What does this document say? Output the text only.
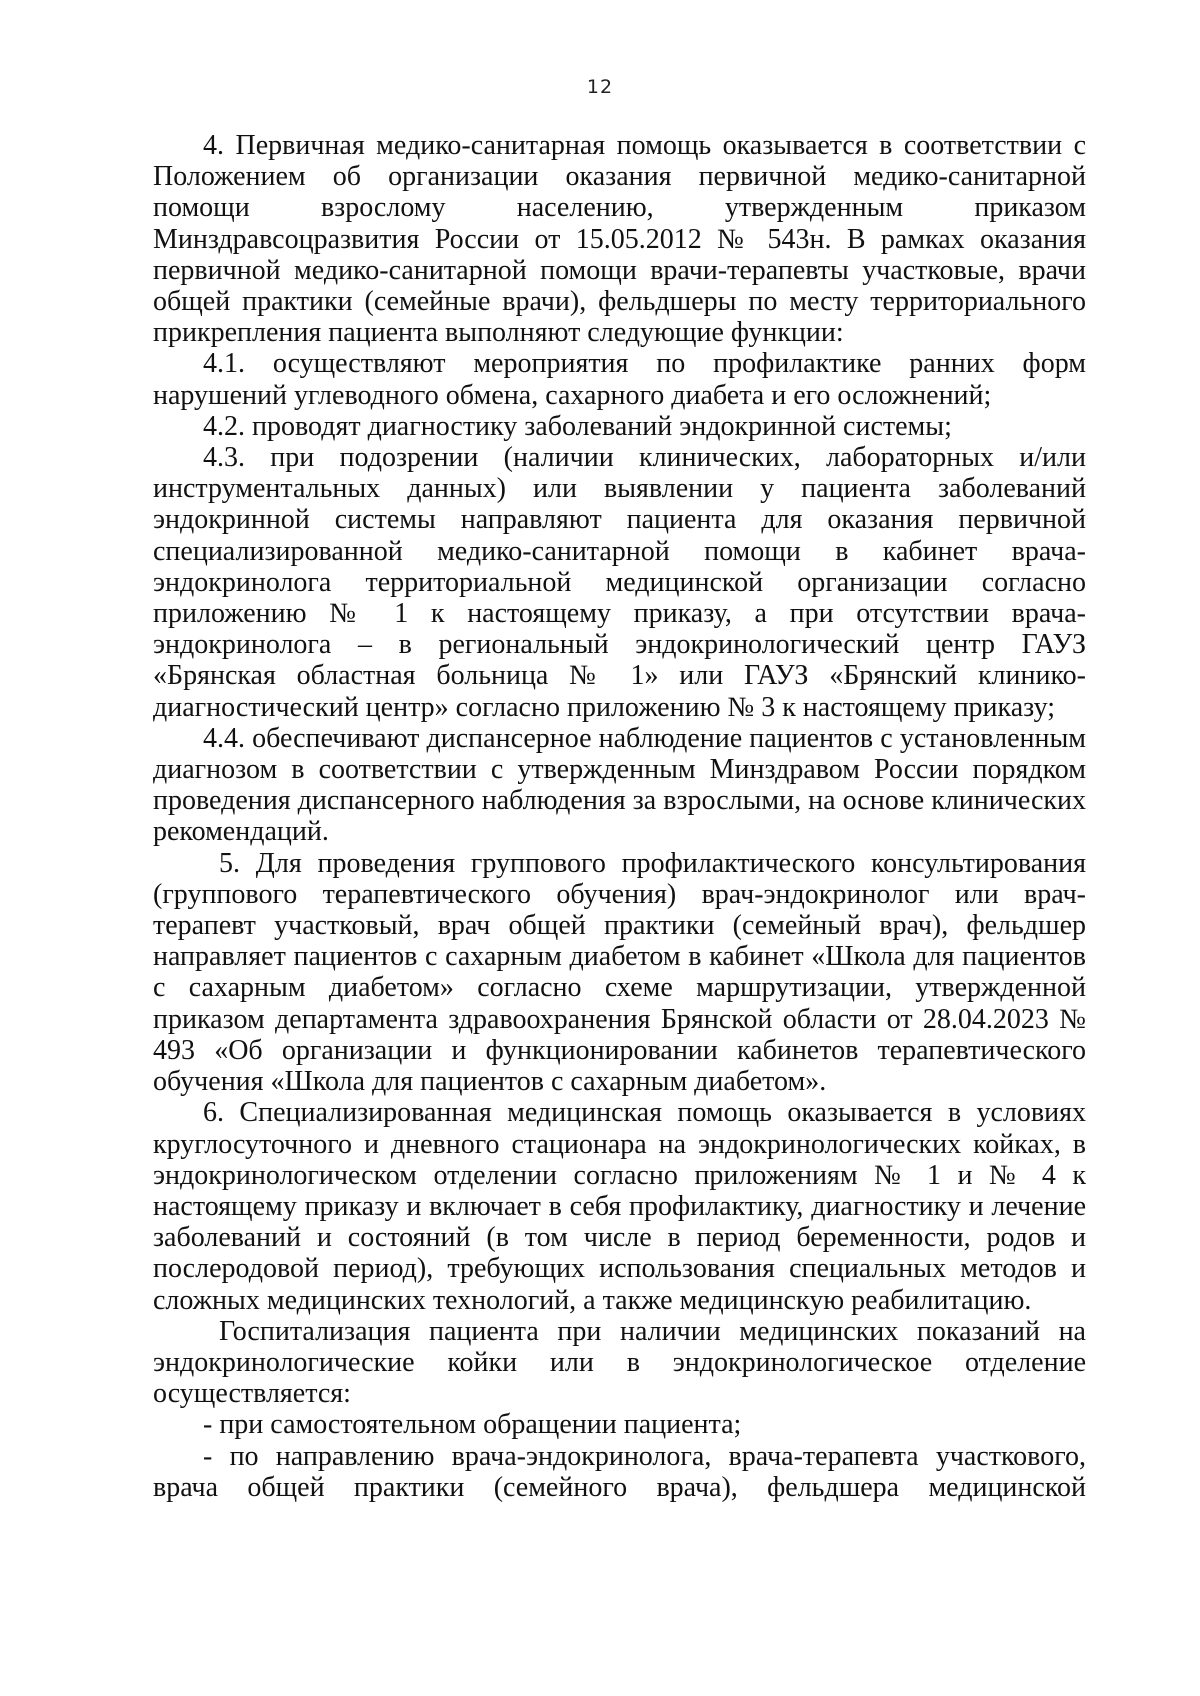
12

4. Первичная медико-санитарная помощь оказывается в соответствии с Положением об организации оказания первичной медико-санитарной помощи взрослому населению, утвержденным приказом Минздравсоцразвития России от 15.05.2012 № 543н. В рамках оказания первичной медико-санитарной помощи врачи-терапевты участковые, врачи общей практики (семейные врачи), фельдшеры по месту территориального прикрепления пациента выполняют следующие функции:

4.1. осуществляют мероприятия по профилактике ранних форм нарушений углеводного обмена, сахарного диабета и его осложнений;

4.2. проводят диагностику заболеваний эндокринной системы;

4.3. при подозрении (наличии клинических, лабораторных и/или инструментальных данных) или выявлении у пациента заболеваний эндокринной системы направляют пациента для оказания первичной специализированной медико-санитарной помощи в кабинет врача-эндокринолога территориальной медицинской организации согласно приложению № 1 к настоящему приказу, а при отсутствии врача-эндокринолога – в региональный эндокринологический центр ГАУЗ «Брянская областная больница № 1» или ГАУЗ «Брянский клинико-диагностический центр» согласно приложению № 3 к настоящему приказу;

4.4. обеспечивают диспансерное наблюдение пациентов с установленным диагнозом в соответствии с утвержденным Минздравом России порядком проведения диспансерного наблюдения за взрослыми, на основе клинических рекомендаций.

5. Для проведения группового профилактического консультирования (группового терапевтического обучения) врач-эндокринолог или врач-терапевт участковый, врач общей практики (семейный врач), фельдшер направляет пациентов с сахарным диабетом в кабинет «Школа для пациентов с сахарным диабетом» согласно схеме маршрутизации, утвержденной приказом департамента здравоохранения Брянской области от 28.04.2023 № 493 «Об организации и функционировании кабинетов терапевтического обучения «Школа для пациентов с сахарным диабетом».

6. Специализированная медицинская помощь оказывается в условиях круглосуточного и дневного стационара на эндокринологических койках, в эндокринологическом отделении согласно приложениям № 1 и № 4 к настоящему приказу и включает в себя профилактику, диагностику и лечение заболеваний и состояний (в том числе в период беременности, родов и послеродовой период), требующих использования специальных методов и сложных медицинских технологий, а также медицинскую реабилитацию.

Госпитализация пациента при наличии медицинских показаний на эндокринологические койки или в эндокринологическое отделение осуществляется:

- при самостоятельном обращении пациента;

- по направлению врача-эндокринолога, врача-терапевта участкового, врача общей практики (семейного врача), фельдшера медицинской
